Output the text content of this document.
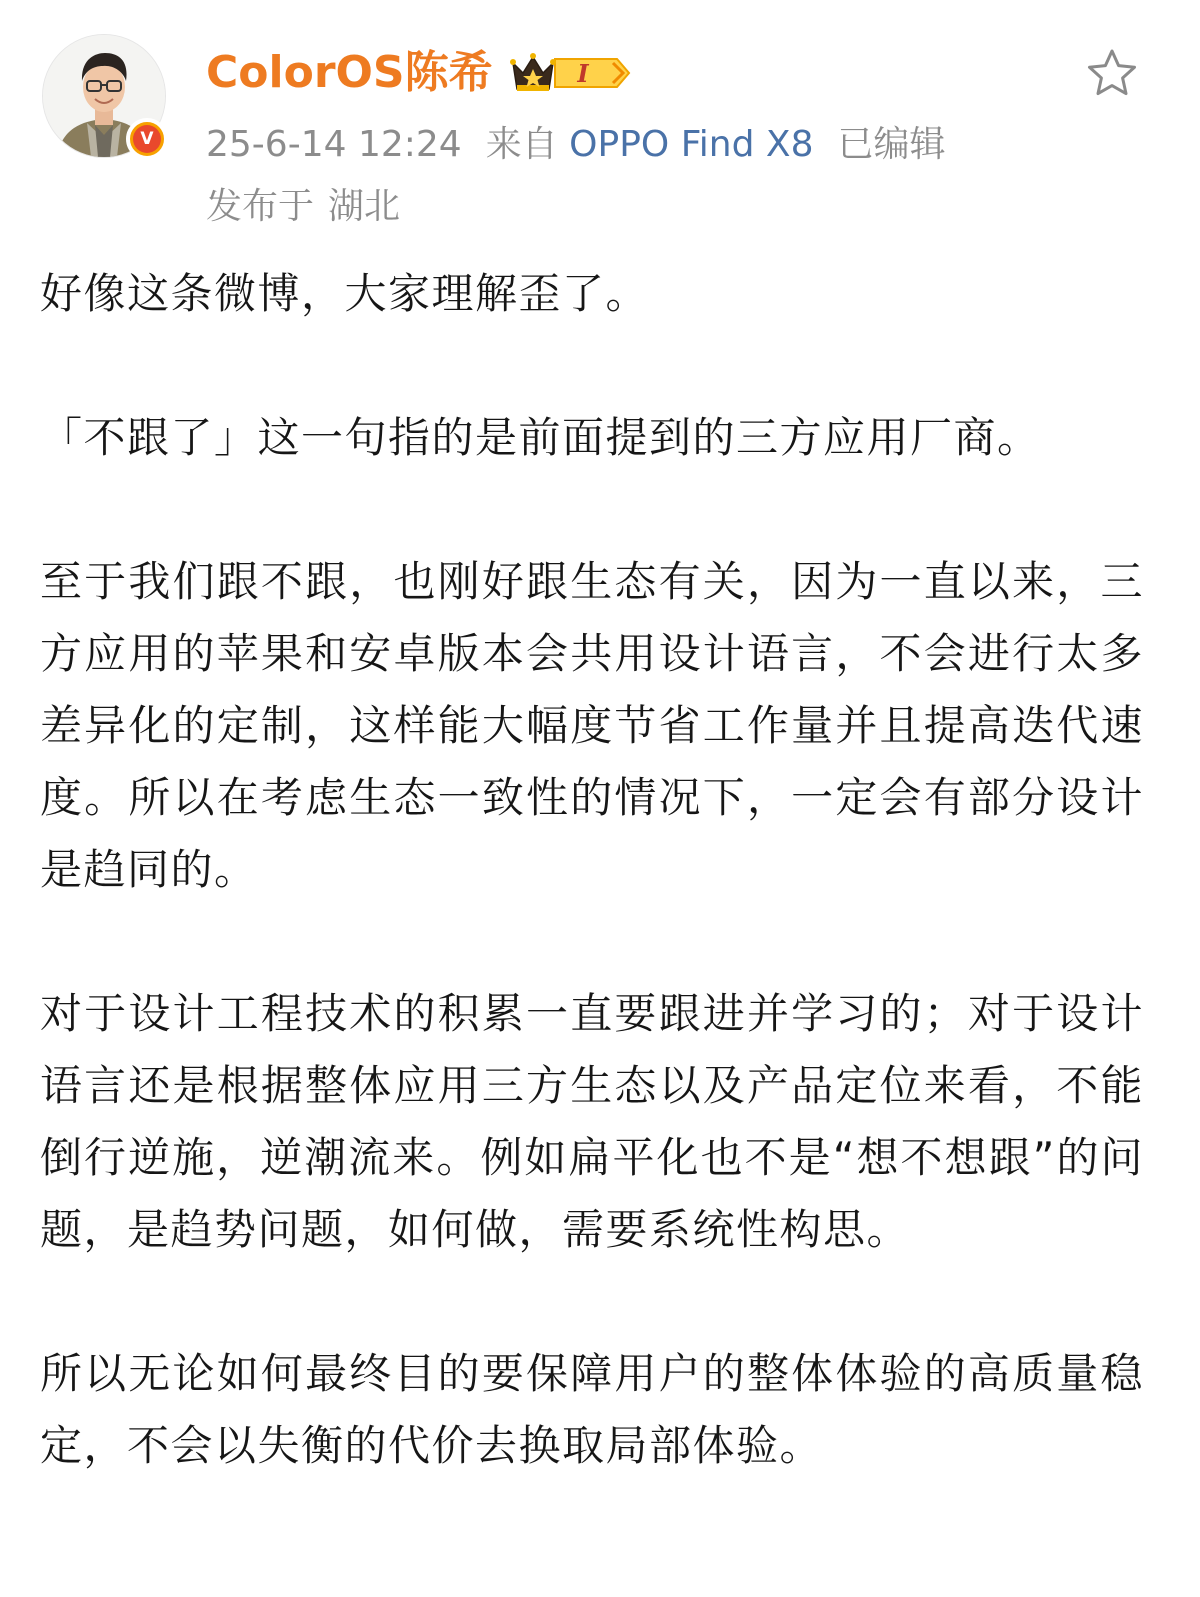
V
ColorOS陈希	I
25-6-14 12:24 来自 OPPO Find X8 已编辑
发布于 湖北

好像这条微博，大家理解歪了。

「不跟了」这一句指的是前面提到的三方应用厂商。

至于我们跟不跟，也刚好跟生态有关，因为一直以来，三方应用的苹果和安卓版本会共用设计语言，不会进行太多差异化的定制，这样能大幅度节省工作量并且提高迭代速度。所以在考虑生态一致性的情况下，一定会有部分设计是趋同的。

对于设计工程技术的积累一直要跟进并学习的；对于设计语言还是根据整体应用三方生态以及产品定位来看，不能倒行逆施，逆潮流来。例如扁平化也不是“想不想跟”的问题，是趋势问题，如何做，需要系统性构思。

所以无论如何最终目的要保障用户的整体体验的高质量稳定，不会以失衡的代价去换取局部体验。
